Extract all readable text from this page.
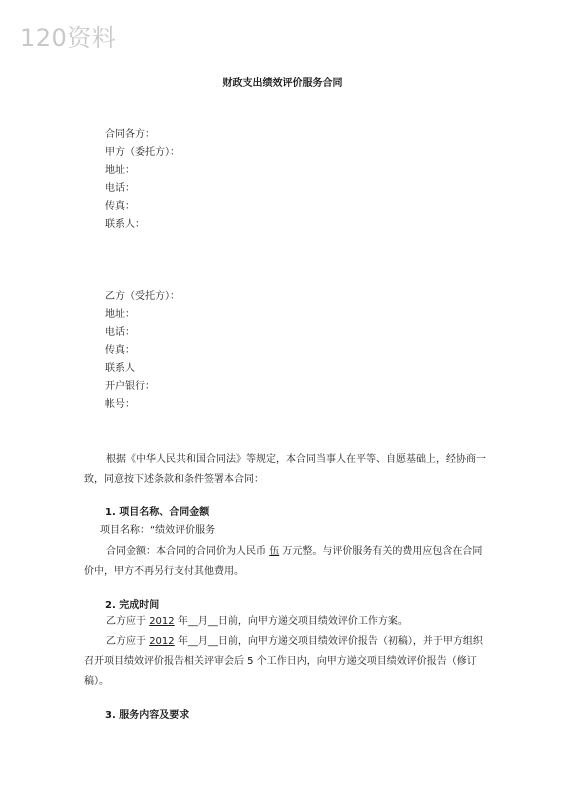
120资料
财政支出绩效评价服务合同
合同各方：
甲方（委托方）：
地址：
电话：
传真：
联系人：
乙方（受托方）：
地址：
电话：
传真：
联系人
开户银行：
帐号：
根据《中华人民共和国合同法》等规定，本合同当事人在平等、自愿基础上，经协商一致，同意按下述条款和条件签署本合同：
1. 项目名称、合同金额
项目名称：“绩效评价服务
合同金额：本合同的合同价为人民币 伍 万元整。与评价服务有关的费用应包含在合同价中，甲方不再另行支付其他费用。
2. 完成时间
乙方应于 2012 年__月__日前，向甲方递交项目绩效评价工作方案。
乙方应于 2012 年__月__日前，向甲方递交项目绩效评价报告（初稿），并于甲方组织召开项目绩效评价报告相关评审会后 5 个工作日内，向甲方递交项目绩效评价报告（修订稿）。
3. 服务内容及要求
